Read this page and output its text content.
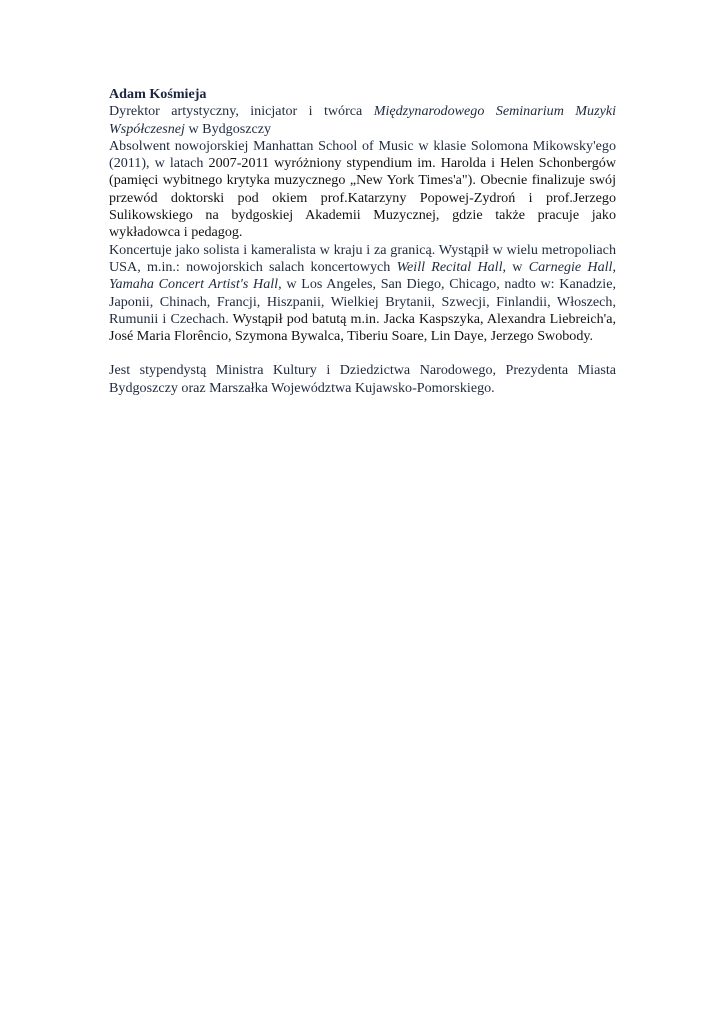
Adam Kośmieja

Dyrektor artystyczny, inicjator i twórca Międzynarodowego Seminarium Muzyki Współczesnej w Bydgoszczy

Absolwent nowojorskiej Manhattan School of Music w klasie Solomona Mikowsky'ego (2011), w latach 2007-2011 wyróżniony stypendium im. Harolda i Helen Schonbergów (pamięci wybitnego krytyka muzycznego „New York Times'a"). Obecnie finalizuje swój przewód doktorski pod okiem prof.Katarzyny Popowej-Zydroń i prof.Jerzego Sulikowskiego na bydgoskiej Akademii Muzycznej, gdzie także pracuje jako wykładowca i pedagog.

Koncertuje jako solista i kameralista w kraju i za granicą. Wystąpił w wielu metropoliach USA, m.in.: nowojorskich salach koncertowych Weill Recital Hall, w Carnegie Hall, Yamaha Concert Artist's Hall, w Los Angeles, San Diego, Chicago, nadto w: Kanadzie, Japonii, Chinach, Francji, Hiszpanii, Wielkiej Brytanii, Szwecji, Finlandii, Włoszech, Rumunii i Czechach. Wystąpił pod batutą m.in. Jacka Kaspszyka, Alexandra Liebreich'a, José Maria Florêncio, Szymona Bywalca, Tiberiu Soare, Lin Daye, Jerzego Swobody.

Jest stypendystą Ministra Kultury i Dziedzictwa Narodowego, Prezydenta Miasta Bydgoszczy oraz Marszałka Województwa Kujawsko-Pomorskiego.
